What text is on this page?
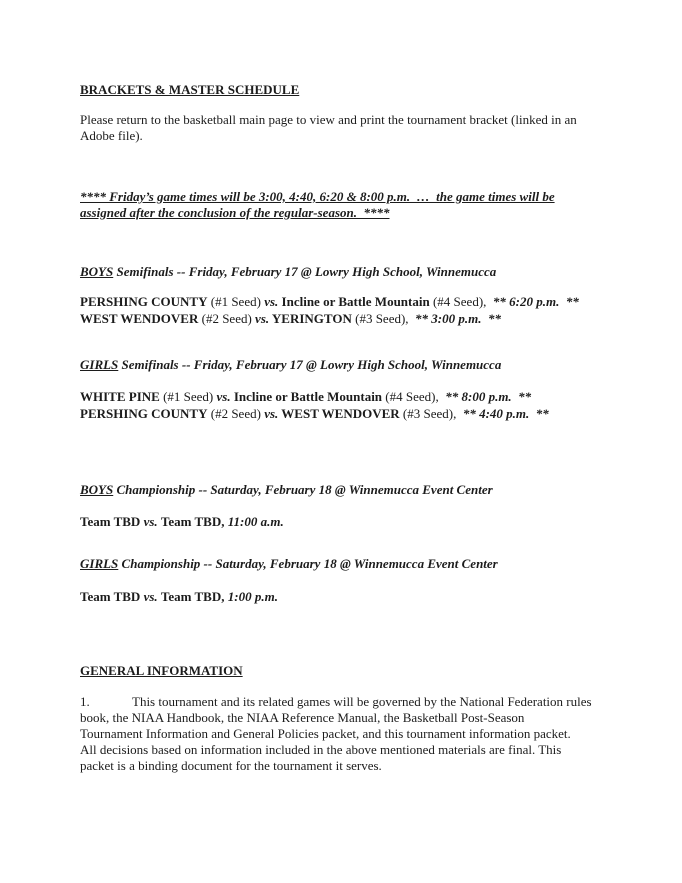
BRACKETS & MASTER SCHEDULE
Please return to the basketball main page to view and print the tournament bracket (linked in an
Adobe file).
**** Friday’s game times will be 3:00, 4:40, 6:20 & 8:00 p.m.  …  the game times will be
assigned after the conclusion of the regular-season.  ****
BOYS Semifinals -- Friday, February 17 @ Lowry High School, Winnemucca
PERSHING COUNTY (#1 Seed) vs. Incline or Battle Mountain (#4 Seed),  ** 6:20 p.m.  **
WEST WENDOVER (#2 Seed) vs. YERINGTON (#3 Seed),  ** 3:00 p.m.  **
GIRLS Semifinals -- Friday, February 17 @ Lowry High School, Winnemucca
WHITE PINE (#1 Seed) vs. Incline or Battle Mountain (#4 Seed),  ** 8:00 p.m.  **
PERSHING COUNTY (#2 Seed) vs. WEST WENDOVER (#3 Seed),  ** 4:40 p.m.  **
BOYS Championship -- Saturday, February 18 @ Winnemucca Event Center
Team TBD vs. Team TBD, 11:00 a.m.
GIRLS Championship -- Saturday, February 18 @ Winnemucca Event Center
Team TBD vs. Team TBD, 1:00 p.m.
GENERAL INFORMATION
1.	This tournament and its related games will be governed by the National Federation rules
book, the NIAA Handbook, the NIAA Reference Manual, the Basketball Post-Season
Tournament Information and General Policies packet, and this tournament information packet.
All decisions based on information included in the above mentioned materials are final. This
packet is a binding document for the tournament it serves.
